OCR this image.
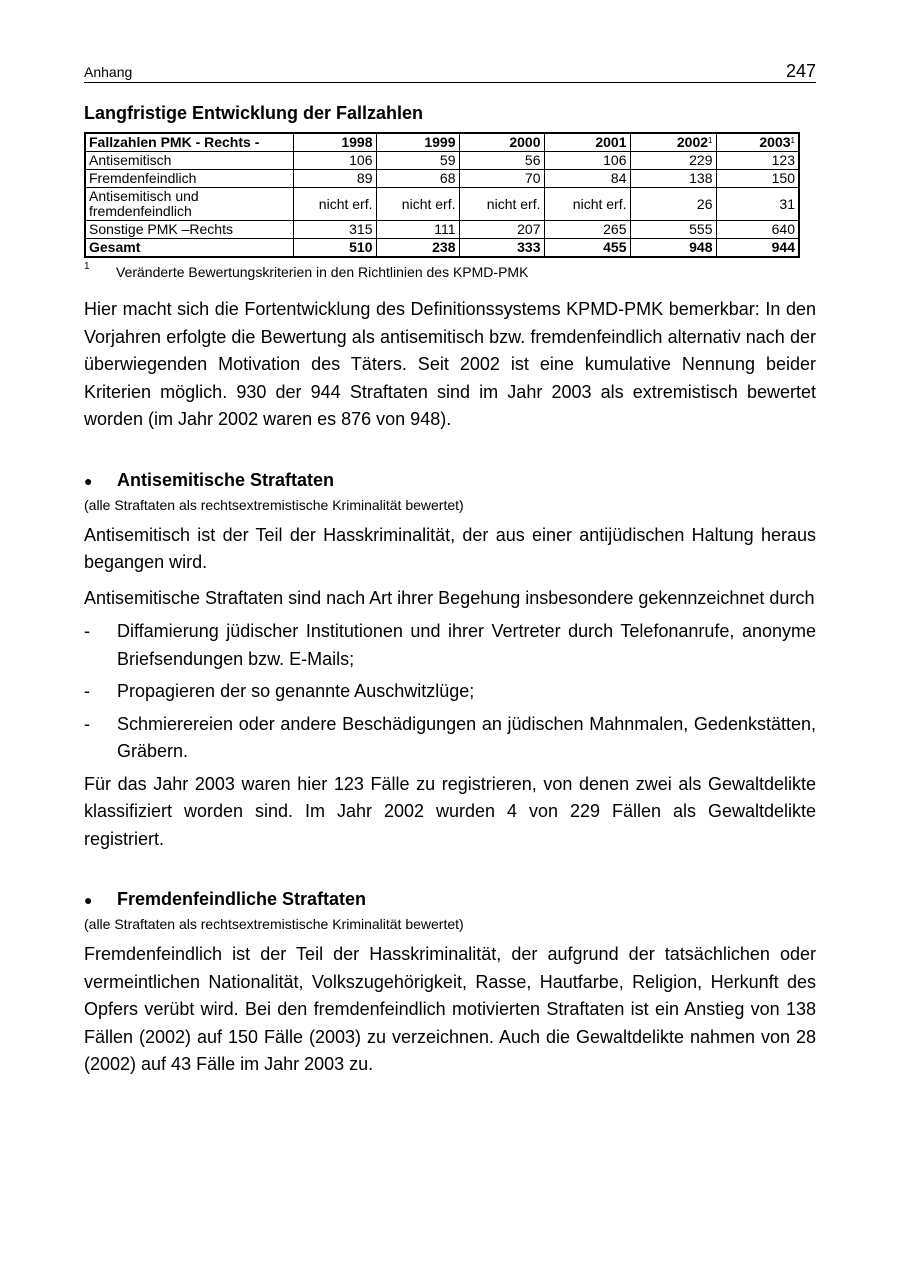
Anhang	247
Langfristige Entwicklung der Fallzahlen
Fallzahlen PMK - Rechts -	1998	1999	2000	2001	2002$^1$	2003$^1$
Antisemitisch	106	59	56	106	229	123
Fremdenfeindlich	89	68	70	84	138	150
Antisemitisch und fremdenfeindlich	nicht erf.	nicht erf.	nicht erf.	nicht erf.	26	31
Sonstige PMK –Rechts	315	111	207	265	555	640
Gesamt	510	238	333	455	948	944
1	Veränderte Bewertungskriterien in den Richtlinien des KPMD-PMK

Hier macht sich die Fortentwicklung des Definitionssystems KPMD-PMK bemerkbar: In den Vorjahren erfolgte die Bewertung als antisemitisch bzw. fremdenfeindlich alternativ nach der überwiegenden Motivation des Täters. Seit 2002 ist eine kumulative Nennung beider Kriterien möglich. 930 der 944 Straftaten sind im Jahr 2003 als extremistisch bewertet worden (im Jahr 2002 waren es 876 von 948).

●	Antisemitische Straftaten
(alle Straftaten als rechtsextremistische Kriminalität bewertet)

Antisemitisch ist der Teil der Hasskriminalität, der aus einer antijüdischen Haltung heraus begangen wird.

Antisemitische Straftaten sind nach Art ihrer Begehung insbesondere gekennzeichnet durch

-	Diffamierung jüdischer Institutionen und ihrer Vertreter durch Telefonanrufe, anonyme Briefsendungen bzw. E-Mails;
-	Propagieren der so genannte Auschwitzlüge;
-	Schmierereien oder andere Beschädigungen an jüdischen Mahnmalen, Gedenkstätten, Gräbern.

Für das Jahr 2003 waren hier 123 Fälle zu registrieren, von denen zwei als Gewaltdelikte klassifiziert worden sind. Im Jahr 2002 wurden 4 von 229 Fällen als Gewaltdelikte registriert.

●	Fremdenfeindliche Straftaten
(alle Straftaten als rechtsextremistische Kriminalität bewertet)

Fremdenfeindlich ist der Teil der Hasskriminalität, der aufgrund der tatsächlichen oder vermeintlichen Nationalität, Volkszugehörigkeit, Rasse, Hautfarbe, Religion, Herkunft des Opfers verübt wird. Bei den fremdenfeindlich motivierten Straftaten ist ein Anstieg von 138 Fällen (2002) auf 150 Fälle (2003) zu verzeichnen. Auch die Gewaltdelikte nahmen von 28 (2002) auf 43 Fälle im Jahr 2003 zu.
